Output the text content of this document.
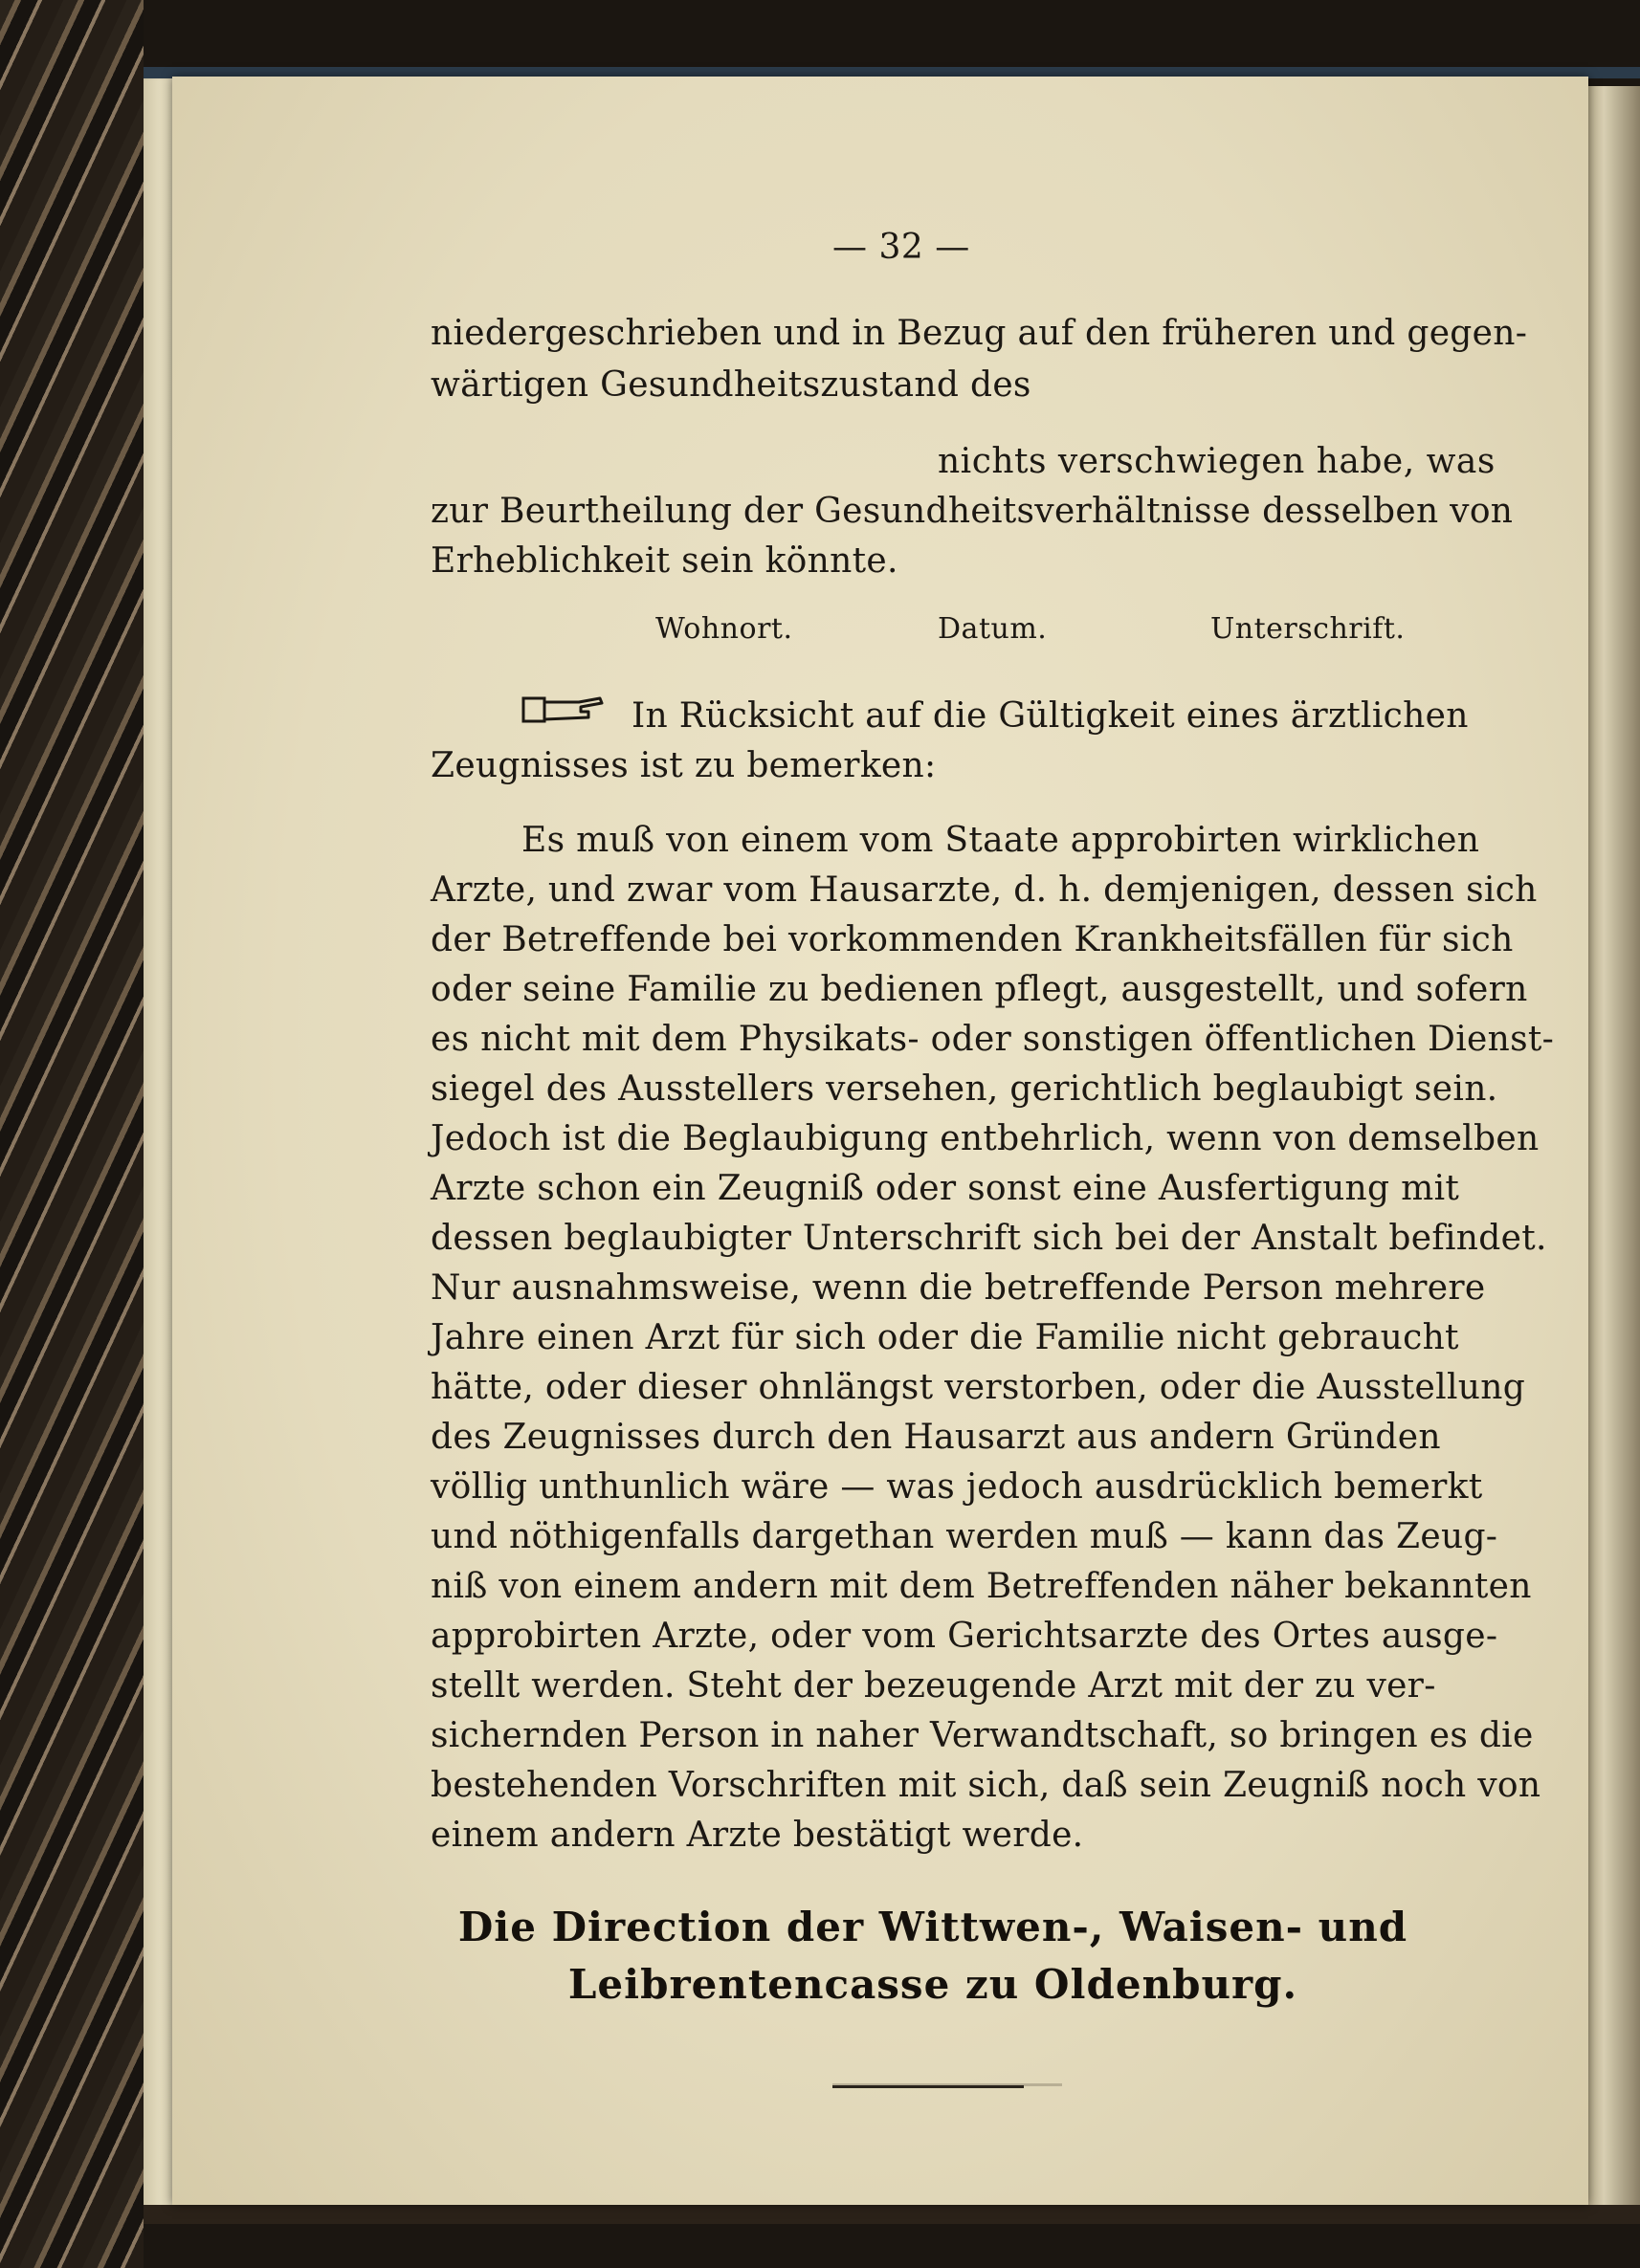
— 32 —
niedergeschrieben und in Bezug auf den früheren und gegen-
wärtigen Gesundheitszustand des
nichts verschwiegen habe, was
zur Beurtheilung der Gesundheitsverhältnisse desselben von
Erheblichkeit sein könnte.
Wohnort.	Datum.	Unterschrift.
In Rücksicht auf die Gültigkeit eines ärztlichen
Zeugnisses ist zu bemerken:
Es muß von einem vom Staate approbirten wirklichen
Arzte, und zwar vom Hausarzte, d. h. demjenigen, dessen sich
der Betreffende bei vorkommenden Krankheitsfällen für sich
oder seine Familie zu bedienen pflegt, ausgestellt, und sofern
es nicht mit dem Physikats- oder sonstigen öffentlichen Dienst-
siegel des Ausstellers versehen, gerichtlich beglaubigt sein.
Jedoch ist die Beglaubigung entbehrlich, wenn von demselben
Arzte schon ein Zeugniß oder sonst eine Ausfertigung mit
dessen beglaubigter Unterschrift sich bei der Anstalt befindet.
Nur ausnahmsweise, wenn die betreffende Person mehrere
Jahre einen Arzt für sich oder die Familie nicht gebraucht
hätte, oder dieser ohnlängst verstorben, oder die Ausstellung
des Zeugnisses durch den Hausarzt aus andern Gründen
völlig unthunlich wäre — was jedoch ausdrücklich bemerkt
und nöthigenfalls dargethan werden muß — kann das Zeug-
niß von einem andern mit dem Betreffenden näher bekannten
approbirten Arzte, oder vom Gerichtsarzte des Ortes ausge-
stellt werden. Steht der bezeugende Arzt mit der zu ver-
sichernden Person in naher Verwandtschaft, so bringen es die
bestehenden Vorschriften mit sich, daß sein Zeugniß noch von
einem andern Arzte bestätigt werde.
Die Direction der Wittwen-, Waisen- und
Leibrentencasse zu Oldenburg.
